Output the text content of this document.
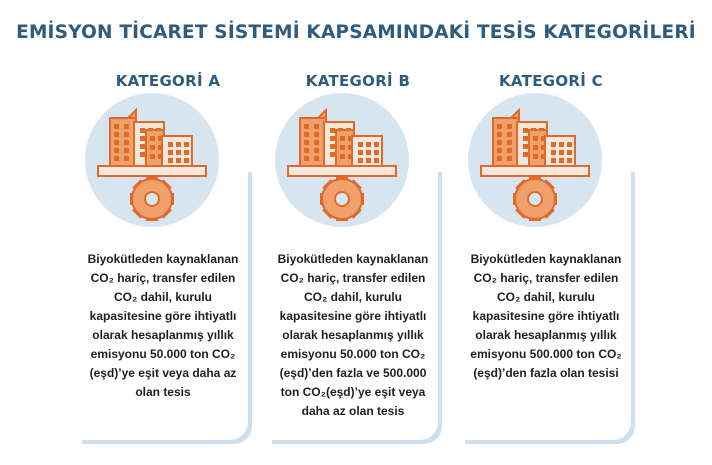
EMİSYON TİCARET SİSTEMİ KAPSAMINDAKİ TESİS KATEGORİLERİ
KATEGORİ A
Biyokütleden kaynaklanan
CO₂ hariç, transfer edilen
CO₂ dahil, kurulu
kapasitesine göre ihtiyatlı
olarak hesaplanmış yıllık
emisyonu 50.000 ton CO₂
(eşd)’ye eşit veya daha az
olan tesis
KATEGORİ B
Biyokütleden kaynaklanan
CO₂ hariç, transfer edilen
CO₂ dahil, kurulu
kapasitesine göre ihtiyatlı
olarak hesaplanmış yıllık
emisyonu 50.000 ton CO₂
(eşd)’den fazla ve 500.000
ton CO₂(eşd)’ye eşit veya
daha az olan tesis
KATEGORİ C
Biyokütleden kaynaklanan
CO₂ hariç, transfer edilen
CO₂ dahil, kurulu
kapasitesine göre ihtiyatlı
olarak hesaplanmış yıllık
emisyonu 500.000 ton CO₂
(eşd)’den fazla olan tesisi
